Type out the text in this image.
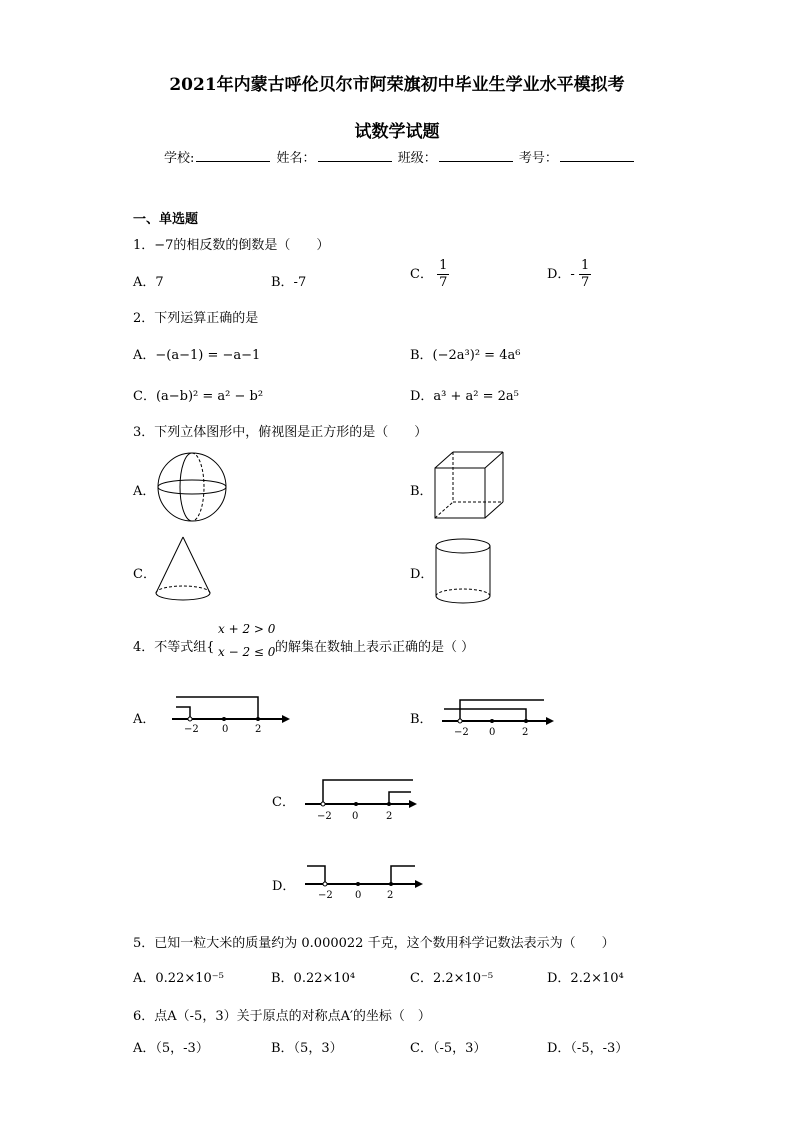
2021年内蒙古呼伦贝尔市阿荣旗初中毕业生学业水平模拟考
试数学试题
学校:	姓名：	班级：	考号：
一、单选题
1．−7的相反数的倒数是（　　）
A．7	B．-7
C． $\frac{1}{7}$	D．- $\frac{1}{7}$
2．下列运算正确的是
A．−(a−1) = −a−1	B．(−2a³)² = 4a⁶
C．(a−b)² = a² − b²	D．a³ + a² = 2a⁵
3．下列立体图形中，俯视图是正方形的是（　　）
A．	B．
C．	D．
4．不等式组{
x + 2 > 0
x − 2 ≤ 0 的解集在数轴上表示正确的是（ ）
A．
−2 0	2
B．
−2 0	2
C．
−2 0	2
D．
−2 0	2
5．已知一粒大米的质量约为 0.000022 千克，这个数用科学记数法表示为（　　）
A．0.22×10⁻⁵	B．0.22×10⁴	C．2.2×10⁻⁵	D．2.2×10⁴
6．点A（-5，3）关于原点的对称点A′的坐标（　）
A．（5，-3）	B．（5，3）	C．（-5，3）	D．（-5，-3）
